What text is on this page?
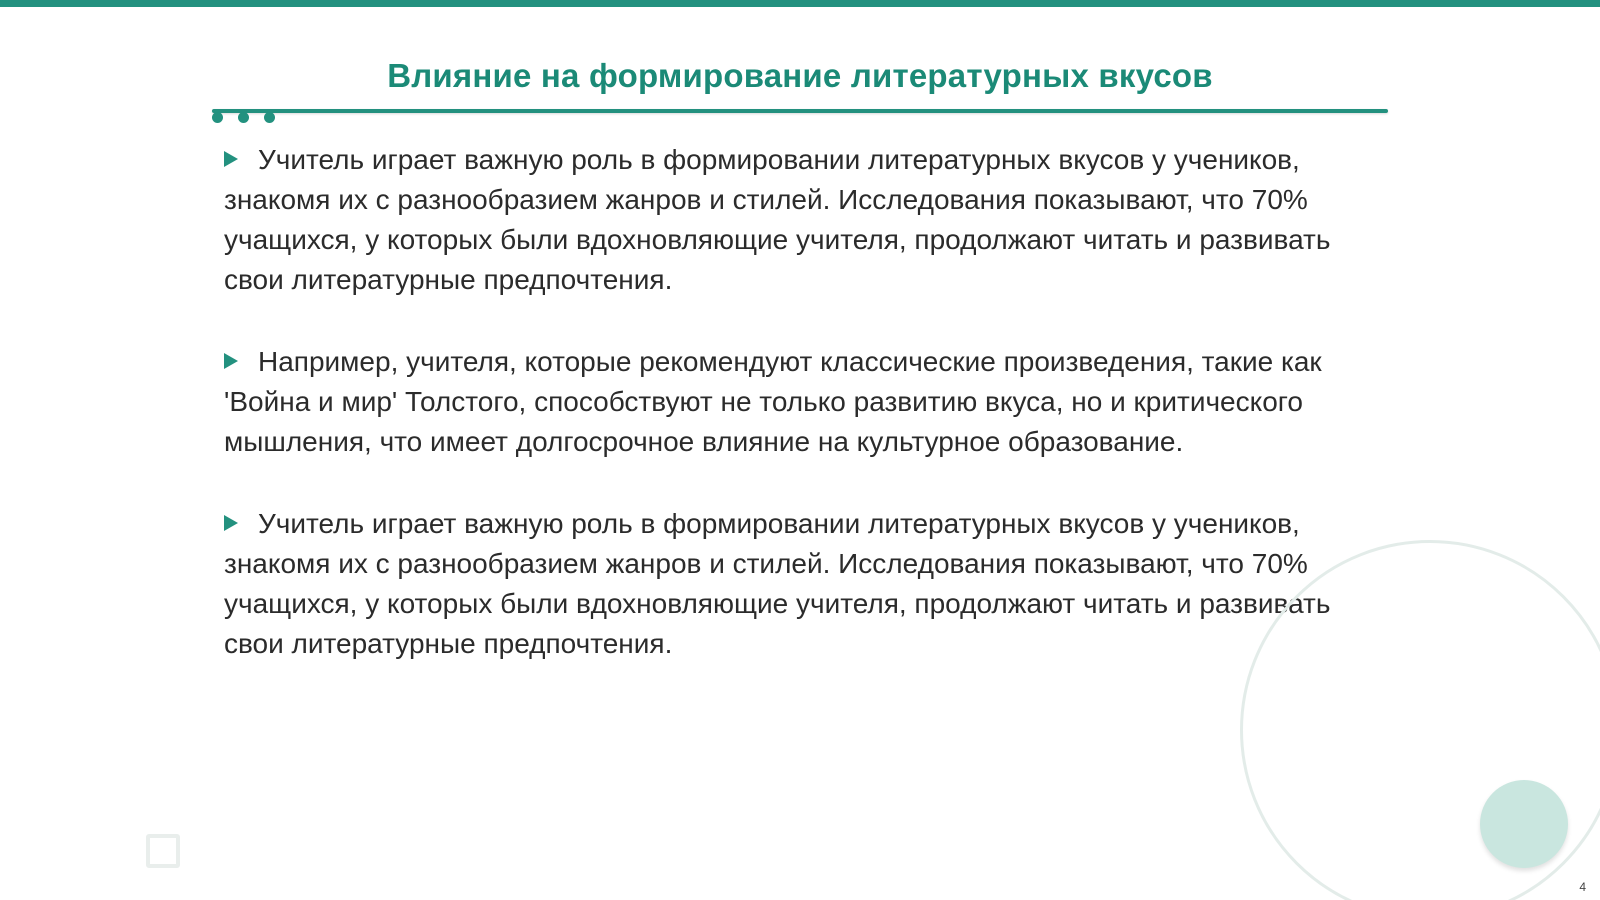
Влияние на формирование литературных вкусов

Учитель играет важную роль в формировании литературных вкусов у учеников, знакомя их с разнообразием жанров и стилей. Исследования показывают, что 70% учащихся, у которых были вдохновляющие учителя, продолжают читать и развивать свои литературные предпочтения.

Например, учителя, которые рекомендуют классические произведения, такие как 'Война и мир' Толстого, способствуют не только развитию вкуса, но и критического мышления, что имеет долгосрочное влияние на культурное образование.

Учитель играет важную роль в формировании литературных вкусов у учеников, знакомя их с разнообразием жанров и стилей. Исследования показывают, что 70% учащихся, у которых были вдохновляющие учителя, продолжают читать и развивать свои литературные предпочтения.

4
